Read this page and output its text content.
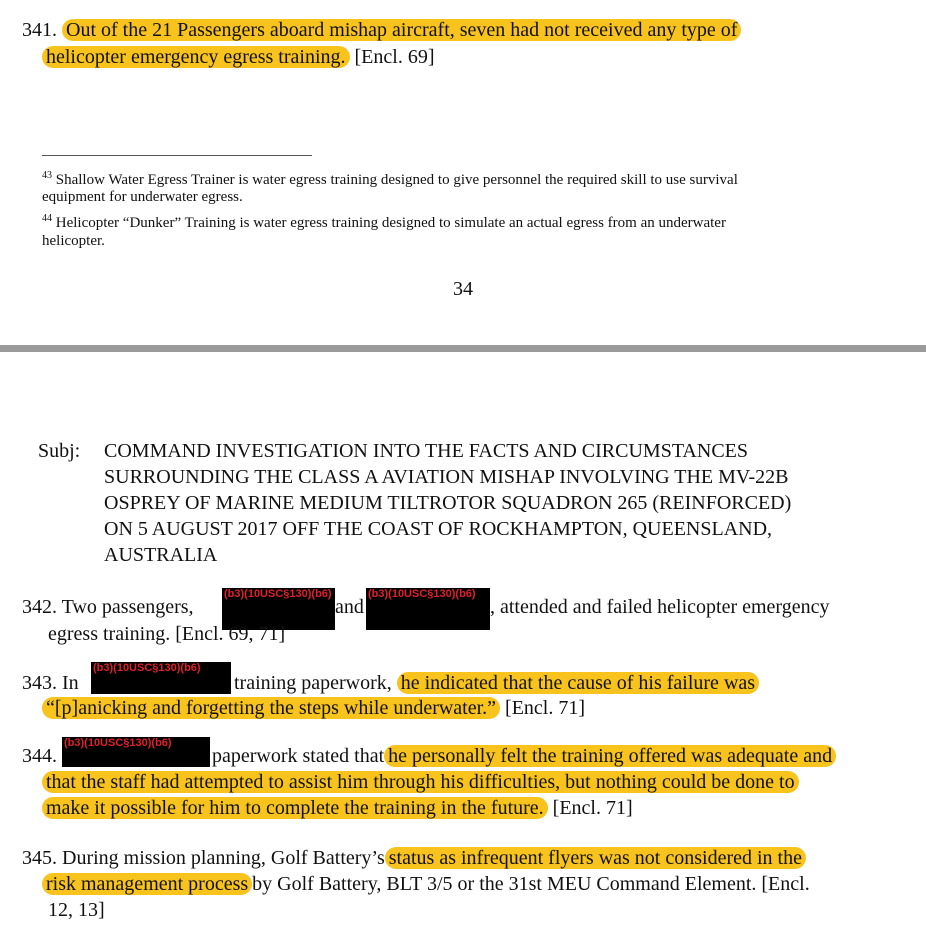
341. Out of the 21 Passengers aboard mishap aircraft, seven had not received any type of
helicopter emergency egress training. [Encl. 69]
$^{43}$ Shallow Water Egress Trainer is water egress training designed to give personnel the required skill to use survival
equipment for underwater egress.
$^{44}$ Helicopter “Dunker” Training is water egress training designed to simulate an actual egress from an underwater
helicopter.
34
Subj: COMMAND INVESTIGATION INTO THE FACTS AND CIRCUMSTANCES
SURROUNDING THE CLASS A AVIATION MISHAP INVOLVING THE MV-22B
OSPREY OF MARINE MEDIUM TILTROTOR SQUADRON 265 (REINFORCED)
ON 5 AUGUST 2017 OFF THE COAST OF ROCKHAMPTON, QUEENSLAND,
AUSTRALIA
342. Two passengers,
(b3)(10USC§130)(b6)
and
(b3)(10USC§130)(b6)
, attended and failed helicopter emergency
egress training. [Encl. 69, 71]
343. In
(b3)(10USC§130)(b6)
training paperwork, he indicated that the cause of his failure was
“[p]anicking and forgetting the steps while underwater.” [Encl. 71]
344.
(b3)(10USC§130)(b6)
paperwork stated that he personally felt the training offered was adequate and
that the staff had attempted to assist him through his difficulties, but nothing could be done to
make it possible for him to complete the training in the future. [Encl. 71]
345. During mission planning, Golf Battery’s status as infrequent flyers was not considered in the
risk management process by Golf Battery, BLT 3/5 or the 31st MEU Command Element. [Encl.
12, 13]
